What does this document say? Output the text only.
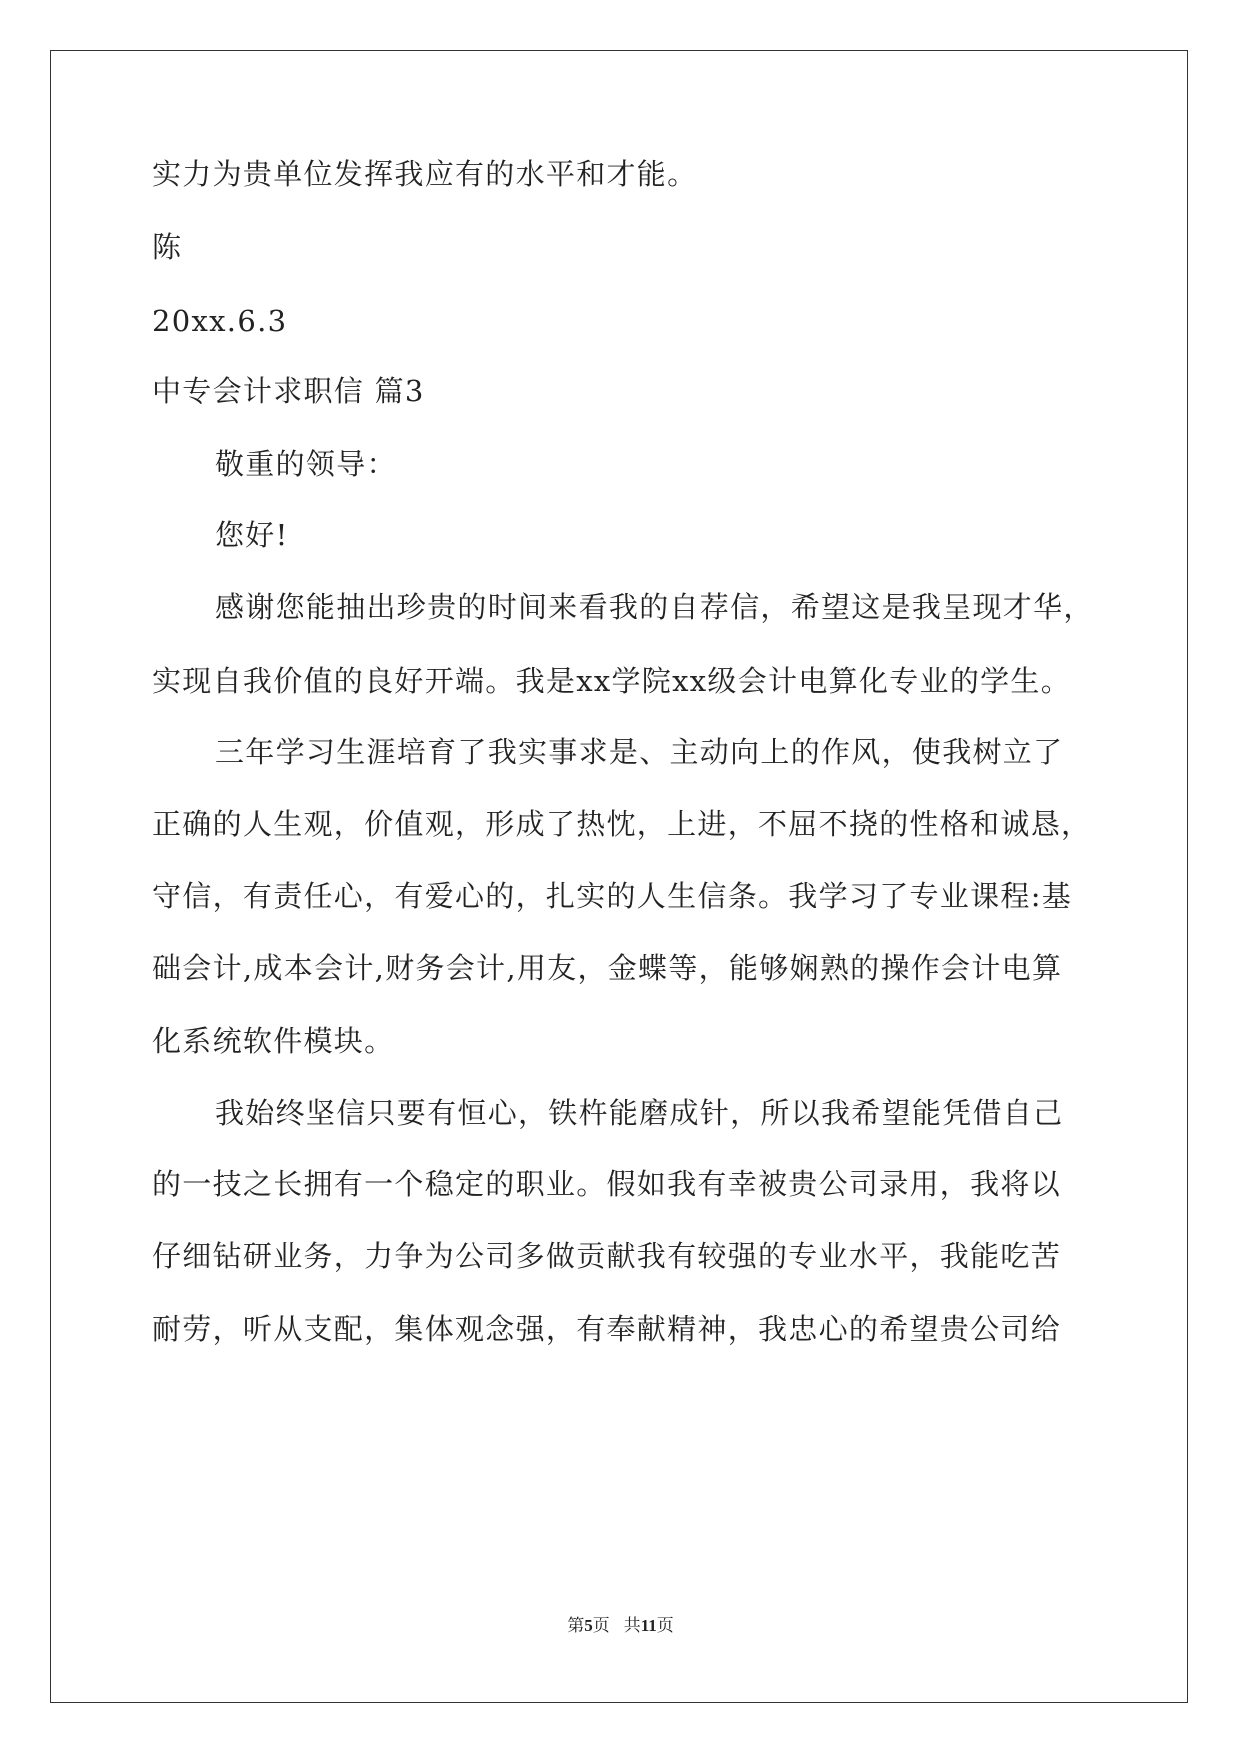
实力为贵单位发挥我应有的水平和才能。
陈
20xx.6.3
中专会计求职信 篇3
敬重的领导：
您好!
感谢您能抽出珍贵的时间来看我的自荐信，希望这是我呈现才华，
实现自我价值的良好开端。我是xx学院xx级会计电算化专业的学生。
三年学习生涯培育了我实事求是、主动向上的作风，使我树立了
正确的人生观，价值观，形成了热忱，上进，不屈不挠的性格和诚恳，
守信，有责任心，有爱心的，扎实的人生信条。我学习了专业课程:基
础会计,成本会计,财务会计,用友，金蝶等，能够娴熟的操作会计电算
化系统软件模块。
我始终坚信只要有恒心，铁杵能磨成针，所以我希望能凭借自己
的一技之长拥有一个稳定的职业。假如我有幸被贵公司录用，我将以
仔细钻研业务，力争为公司多做贡献我有较强的专业水平，我能吃苦
耐劳，听从支配，集体观念强，有奉献精神，我忠心的希望贵公司给
第5页 共11页
